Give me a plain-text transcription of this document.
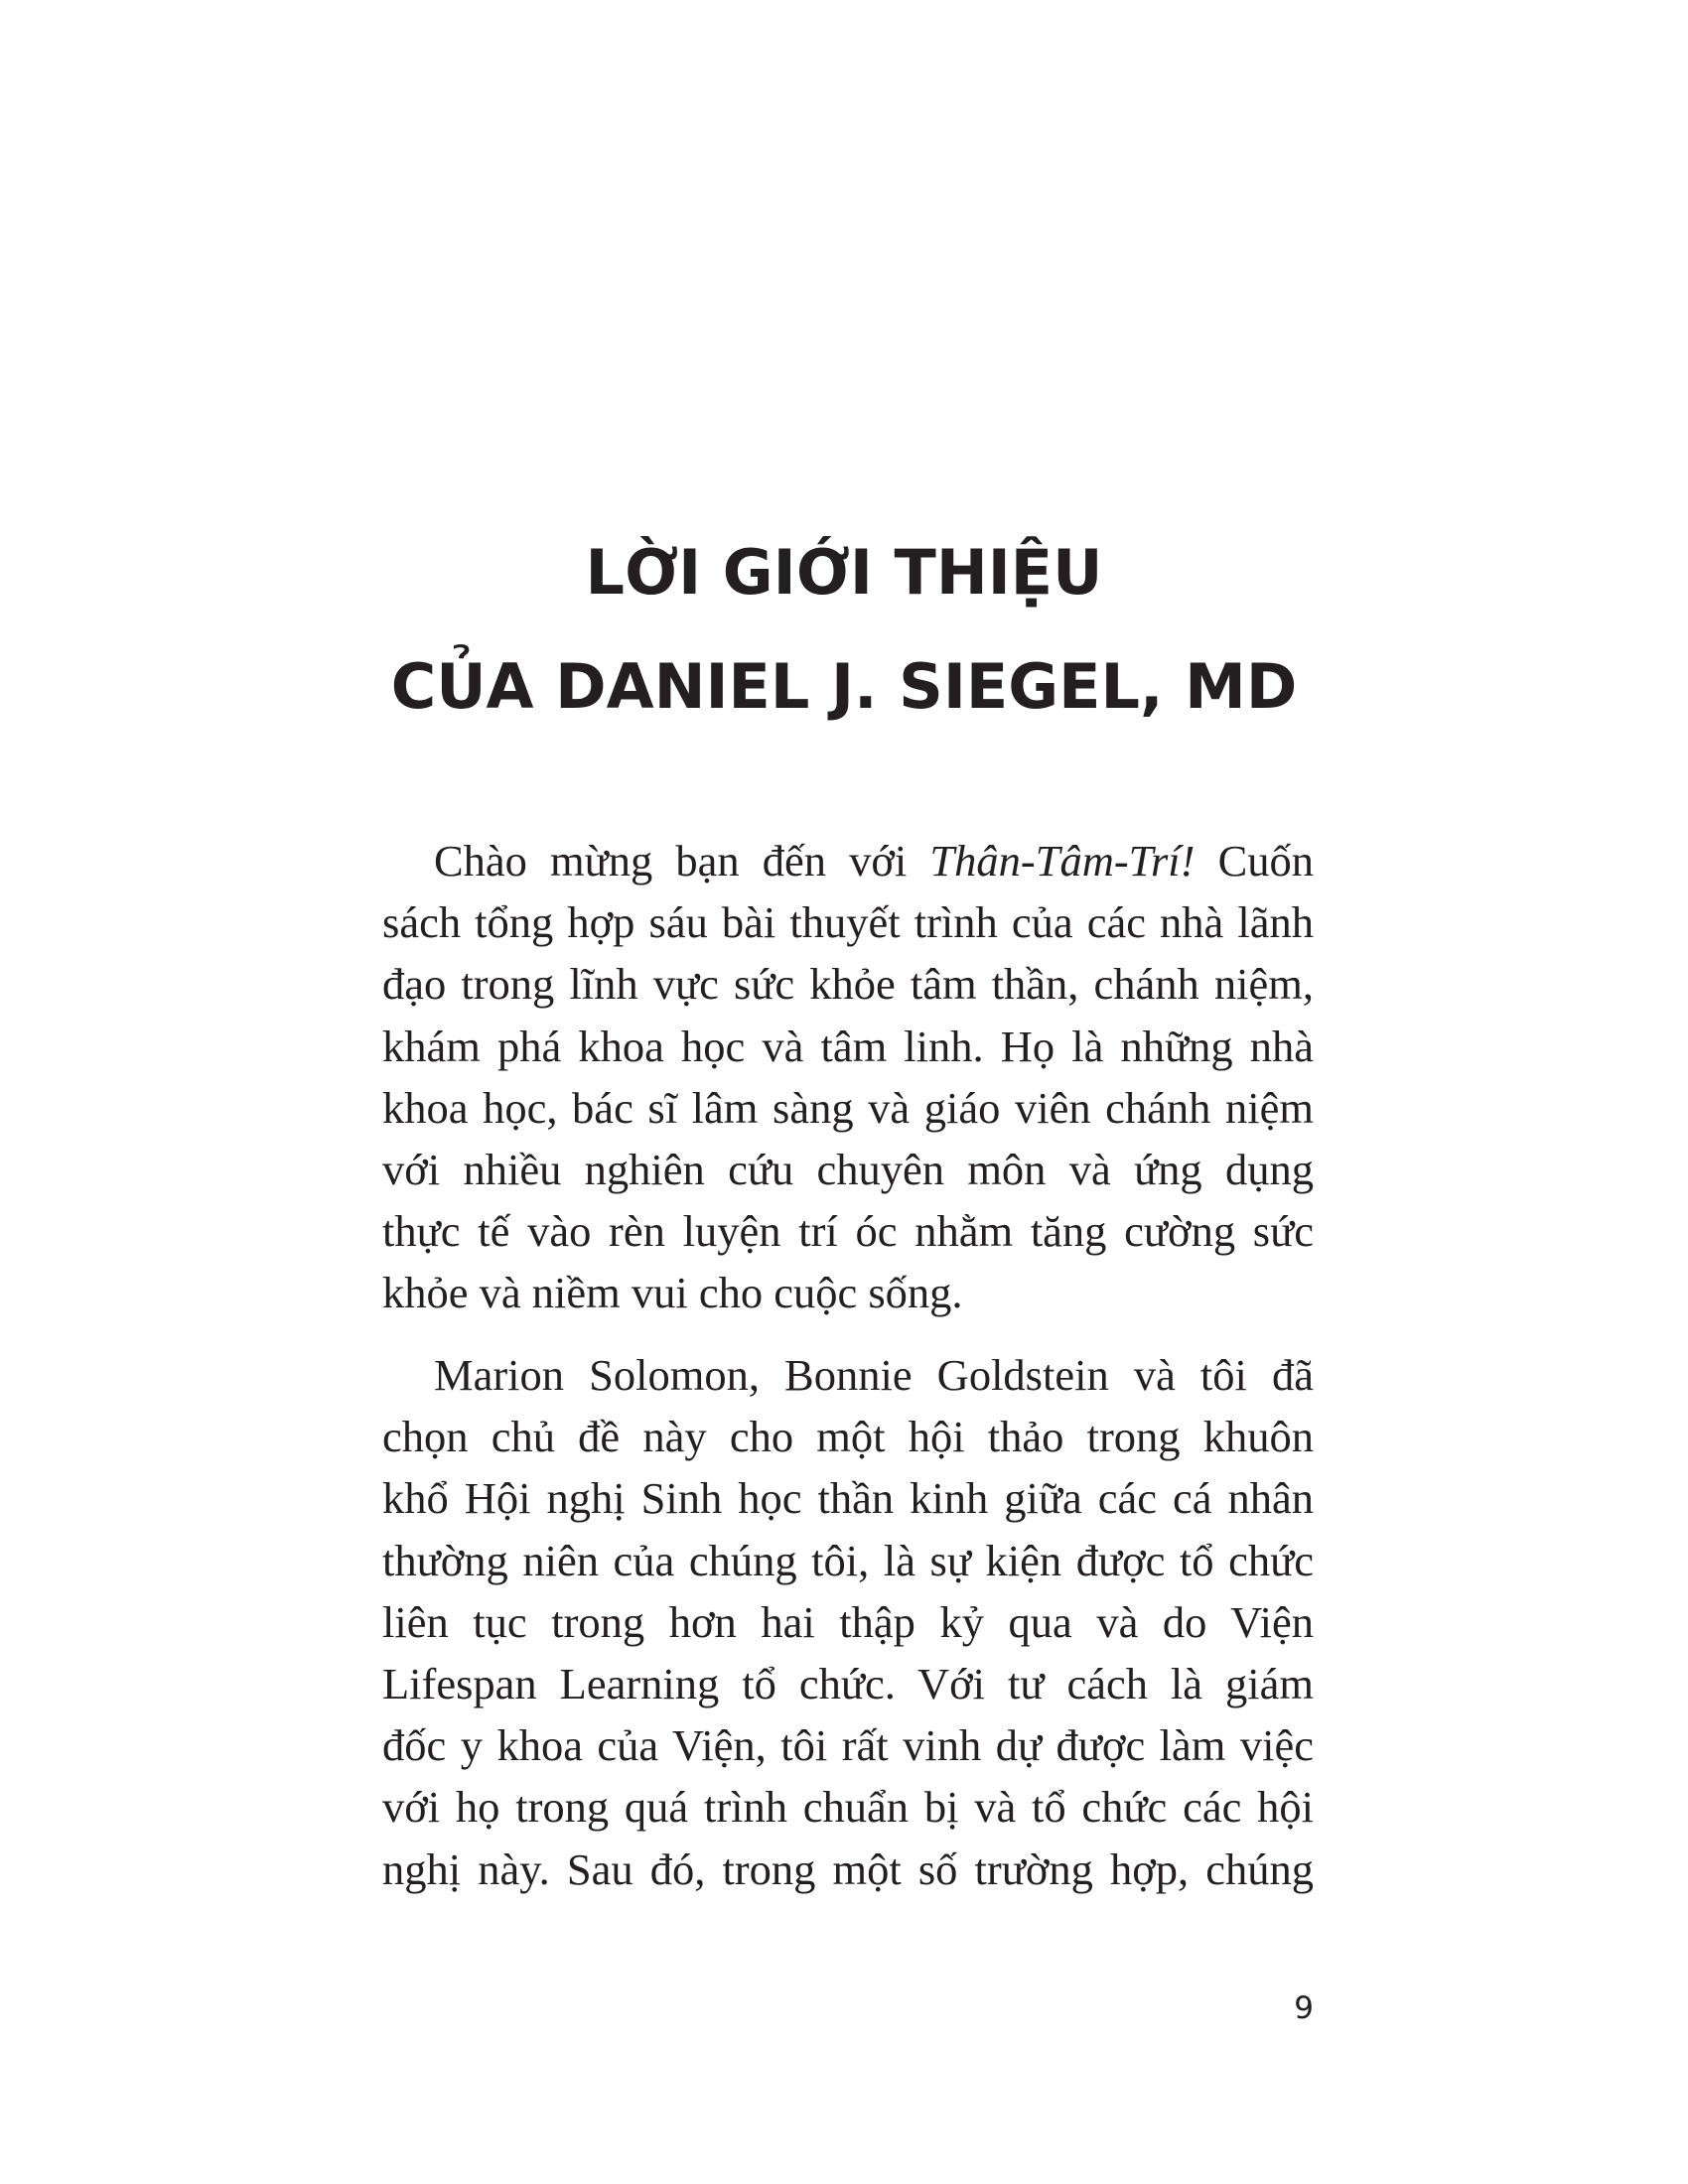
LỜI GIỚI THIỆU
CỦA DANIEL J. SIEGEL, MD
Chào mừng bạn đến với Thân-Tâm-Trí! Cuốn
sách tổng hợp sáu bài thuyết trình của các nhà lãnh
đạo trong lĩnh vực sức khỏe tâm thần, chánh niệm,
khám phá khoa học và tâm linh. Họ là những nhà
khoa học, bác sĩ lâm sàng và giáo viên chánh niệm
với nhiều nghiên cứu chuyên môn và ứng dụng
thực tế vào rèn luyện trí óc nhằm tăng cường sức
khỏe và niềm vui cho cuộc sống.
Marion Solomon, Bonnie Goldstein và tôi đã
chọn chủ đề này cho một hội thảo trong khuôn
khổ Hội nghị Sinh học thần kinh giữa các cá nhân
thường niên của chúng tôi, là sự kiện được tổ chức
liên tục trong hơn hai thập kỷ qua và do Viện
Lifespan Learning tổ chức. Với tư cách là giám
đốc y khoa của Viện, tôi rất vinh dự được làm việc
với họ trong quá trình chuẩn bị và tổ chức các hội
nghị này. Sau đó, trong một số trường hợp, chúng

9
